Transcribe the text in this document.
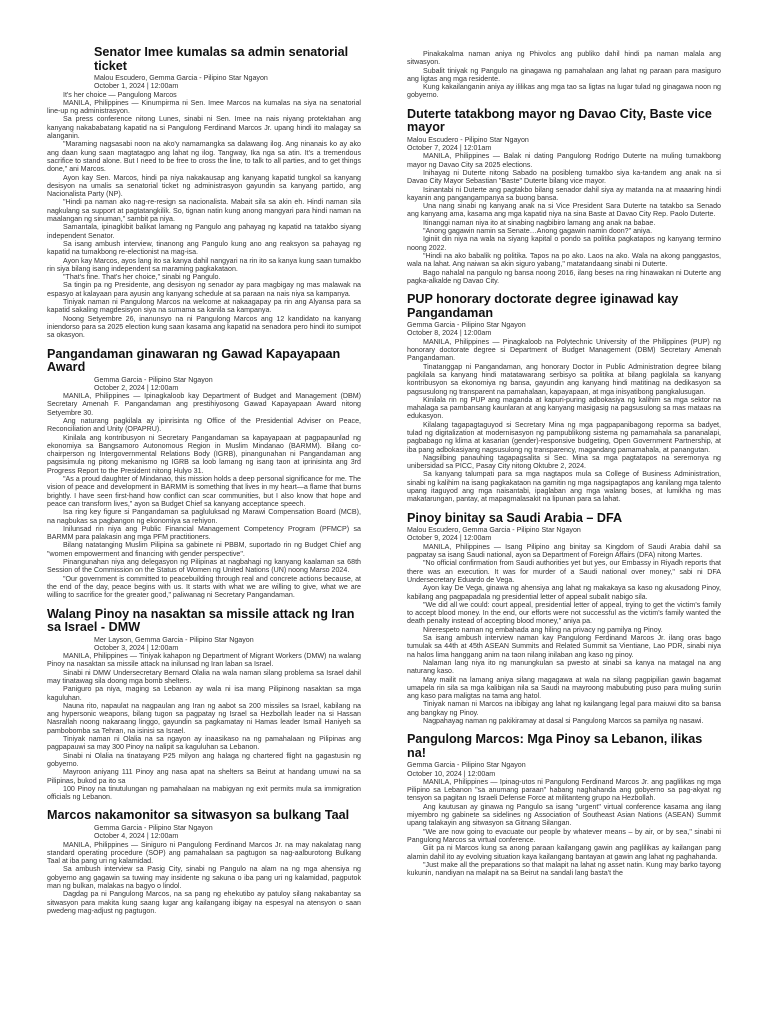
Senator Imee kumalas sa admin senatorial ticket
Malou Escudero, Gemma Garcia - Pilipino Star Ngayon
October 1, 2024 | 12:00am

It's her choice — Pangulong Marcos

MANILA, Philippines — Kinumpirma ni Sen. Imee Marcos na kumalas na siya na senatorial line-up ng administrasyon.

Sa press conference nitong Lunes, sinabi ni Sen. Imee na nais niyang protektahan ang kanyang nakababatang kapatid na si Pangulong Ferdinand Marcos Jr. upang hindi ito malagay sa alanganin.

"Maraming nagsasabi noon na ako'y namamangka sa dalawang ilog. Ang ninanais ko ay ako ang daan kung saan magtatagpo ang lahat ng ilog. Tangway, Ika nga sa atin. It's a tremendous sacrifice to stand alone. But I need to be free to cross the line, to talk to all parties, and to get things done," ani Marcos.

Ayon kay Sen. Marcos, hindi pa niya nakakausap ang kanyang kapatid tungkol sa kanyang desisyon na umalis sa senatorial ticket ng administrasyon gayundin sa kanyang partido, ang Nacionalista Party (NP).

"Hindi pa naman ako nag-re-resign sa nacionalista. Mabait sila sa akin eh. Hindi naman sila nagkulang sa support at pagtatangkilik. So, tignan natin kung anong mangyari para hindi naman na maalangan ng sinuman," sambit pa niya.

Samantala, ipinagkibit balikat lamang ng Pangulo ang pahayag ng kapatid na tatakbo siyang independent Senator.

Sa isang ambush interview, tinanong ang Pangulo kung ano ang reaksyon sa pahayag ng kapatid na tumakbong re-electionist na mag-isa.

Ayon kay Marcos, ayos lang ito sa kanya dahil nangyari na rin ito sa kanya kung saan tumakbo rin siya bilang isang independent sa maraming pagkakataon.

"That's fine. That's her choice," sinabi ng Pangulo.

Sa tingin pa ng Presidente, ang desisyon ng senador ay para magbigay ng mas malawak na espasyo at kalayaan para ayusin ang kanyang schedule at sa paraan na nais niya sa kampanya.

Tiniyak naman ni Pangulong Marcos na welcome at nakaagapay pa rin ang Alyansa para sa kapatid sakaling magdesisyon siya na sumama sa kanila sa kampanya.

Noong Setyembre 26, inanunsyo na ni Pangulong Marcos ang 12 kandidato na kanyang iniendorso para sa 2025 election kung saan kasama ang kapatid na senadora pero hindi ito sumipot sa okasyon.

Pangandaman ginawaran ng Gawad Kapayapaan Award
Gemma Garcia - Pilipino Star Ngayon
October 2, 2024 | 12:00am

MANILA, Philippines — Ipinagkaloob kay Department of Budget and Management (DBM) Secretary Amenah F. Pangandaman ang prestihiyosong Gawad Kapayapaan Award nitong Setyembre 30.

Ang naturang pagkilala ay ipinrisinta ng Office of the Presidential Adviser on Peace, Reconciliation and Unity (OPAPRU).

Kinilala ang kontribusyon ni Secretary Pangandaman sa kapayapaan at pagpapaunlad ng ekonomiya sa Bangsamoro Autonomous Region in Muslim Mindanao (BARMM). Bilang co-chairperson ng Intergovernmental Relations Body (IGRB), pinangunahan ni Pangandaman ang pagsisimula ng pitong mekanismo ng IGRB sa loob lamang ng isang taon at iprinisinta ang 3rd Progress Report to the President nitong Hulyo 31.

"As a proud daughter of Mindanao, this mission holds a deep personal significance for me. The vision of peace and development in BARMM is something that lives in my heart—a flame that burns brightly. I have seen first-hand how conflict can scar communities, but I also know that hope and peace can transform lives," ayon sa Budget Chief sa kanyang acceptance speech.

Isa ring key figure si Pangandaman sa pagluluksad ng Marawi Compensation Board (MCB), na nagbukas sa pagbangon ng ekonomiya sa rehiyon.

Inilunsad rin niya ang Public Financial Management Competency Program (PFMCP) sa BARMM para palakasin ang mga PFM practitioners.

Bilang natatanging Muslim Pilipina sa gabinete ni PBBM, suportado rin ng Budget Chief ang "women empowerment and financing with gender perspective".

Pinangunahan niya ang delegasyon ng Pilipinas at nagbahagi ng kanyang kaalaman sa 68th Session of the Commission on the Status of Women ng United Nations (UN) noong Marso 2024.

"Our government is committed to peacebuilding through real and concrete actions because, at the end of the day, peace begins with us. It starts with what we are willing to give, what we are willing to sacrifice for the greater good," paliwanag ni Secretary Pangandaman.

Walang Pinoy na nasaktan sa missile attack ng Iran sa Israel - DMW
Mer Layson, Gemma Garcia - Pilipino Star Ngayon
October 3, 2024 | 12:00am

MANILA, Philippines — Tiniyak kahapon ng Department of Migrant Workers (DMW) na walang Pinoy na nasaktan sa missile attack na inilunsad ng Iran laban sa Israel.

Sinabi ni DMW Undersecretary Bernard Olalia na wala naman silang problema sa Israel dahil may tinatawag sila doong mga bomb shelters.

Paniguro pa niya, maging sa Lebanon ay wala ni isa mang Pilipinong nasaktan sa mga kaguluhan.

Nauna rito, napaulat na nagpaulan ang Iran ng aabot sa 200 missiles sa Israel, kabilang na ang hypersonic weapons, bilang tugon sa pagpatay ng Israel sa Hezbollah leader na si Hassan Nasrallah noong nakaraang linggo, gayundin sa pagkamatay ni Hamas leader Ismail Haniyeh sa pambobomba sa Tehran, na isinisi sa Israel.

Tiniyak naman ni Olalia na sa ngayon ay inaasikaso na ng pamahalaan ng Pilipinas ang pagpapauwi sa may 300 Pinoy na nalipit sa kaguluhan sa Lebanon.

Sinabi ni Olalia na tinatayang P25 milyon ang halaga ng chartered flight na gagastusin ng gobyerno.

Mayroon aniyang 111 Pinoy ang nasa apat na shelters sa Beirut at handang umuwi na sa Pilipinas, bukod pa ito sa

100 Pinoy na tinutulungan ng pamahalaan na mabigyan ng exit permits mula sa immigration officials ng Lebanon.

Marcos nakamonitor sa sitwasyon sa bulkang Taal
Gemma Garcia - Pilipino Star Ngayon
October 4, 2024 | 12:00am

MANILA, Philippines — Siniguro ni Pangulong Ferdinand Marcos Jr. na may nakalatag nang standard operating procedure (SOP) ang pamahalaan sa pagtugon sa nag-aalburotong Bulkang Taal at iba pang uri ng kalamidad.

Sa ambush interview sa Pasig City, sinabi ng Pangulo na alam na ng mga ahensiya ng gobyerno ang gagawin sa tuwing may insidente ng sakuna o iba pang uri ng kalamidad, pagputok man ng bulkan, malakas na bagyo o lindol.

Dagdag pa ni Pangulong Marcos, na sa pang ng ehekutibo ay patuloy silang nakabantay sa sitwasyon para makita kung saang lugar ang kailangang ibigay na espesyal na atensyon o saan pwedeng mag-adjust ng pagtugon.

Pinakakalma naman aniya ng Phivolcs ang publiko dahil hindi pa naman malala ang sitwasyon.

Subalit tiniyak ng Pangulo na ginagawa ng pamahalaan ang lahat ng paraan para masiguro ang ligtas ang mga residente.

Kung kakailanganin aniya ay ililikas ang mga tao sa ligtas na lugar tulad ng ginagawa noon ng gobyerno.

Duterte tatakbong mayor ng Davao City, Baste vice mayor
Malou Escudero - Pilipino Star Ngayon
October 7, 2024 | 12:01am

MANILA, Philippines — Balak ni dating Pangulong Rodrigo Duterte na muling tumakbong mayor ng Davao City sa 2025 elections.

Inihayag ni Duterte nitong Sabado na posibleng tumakbo siya ka-tandem ang anak na si Davao City Mayor Sebastian "Baste" Duterte bilang vice mayor.

Isinantabi ni Duterte ang pagtakbo bilang senador dahil siya ay matanda na at maaaring hindi kayanin ang pangangampanya sa buong bansa.

Una nang sinabi ng kanyang anak na si Vice President Sara Duterte na tatakbo sa Senado ang kanyang ama, kasama ang mga kapatid niya na sina Baste at Davao City Rep. Paolo Duterte.

Itinanggi naman niya ito at sinabing nagbibiro lamang ang anak na babae.

"Anong gagawin namin sa Senate…Anong gagawin namin doon?" aniya.

Iginiit din niya na wala na siyang kapital o pondo sa politika pagkatapos ng kanyang termino noong 2022.

"Hindi na ako babalik ng politika. Tapos na po ako. Laos na ako. Wala na akong panggastos, wala na lahat. Ang naiwan sa akin siguro yabang," matatandaang sinabi ni Duterte.

Bago nahalal na pangulo ng bansa noong 2016, ilang beses na ring hinawakan ni Duterte ang pagka-alkalde ng Davao City.

PUP honorary doctorate degree iginawad kay Pangandaman
Gemma Garcia - Pilipino Star Ngayon
October 8, 2024 | 12:00am

MANILA, Philippines — Pinagkaloob na Polytechnic University of the Philippines (PUP) ng honorary doctorate degree si Department of Budget Management (DBM) Secretary Amenah Pangandaman.

Tinatanggap ni Pangandaman, ang honorary Doctor in Public Administration degree bilang pagkilala sa kanyang hindi matatawarang serbisyo sa politika at bilang pagkilala sa kanyang kontribusyon sa ekonomiya ng bansa, gayundin ang kanyang hindi matitinag na dedikasyon sa pagsusulong ng transparent na pamahalaan, kapayapaan, at mga inisyatibong pangkalusugan.

Kinilala rin ng PUP ang maganda at kapuri-puring adbokasiya ng kalihim sa mga sektor na mahalaga sa pambansang kaunlaran at ang kanyang masigasig na pagsusulong sa mas mataas na edukasyon.

Kilalang tagapagtaguyod si Secretary Mina ng mga pagpapanibagong reporma sa badyet, tulad ng digitalization at modernisasyon ng pampublikong sistema ng pamamahala sa pananalapi, pagbabago ng klima at kasarian (gender)-responsive budgeting, Open Government Partnership, at iba pang adbokasiyang nagsusulong ng transparency, magandang pamamahala, at panangutan.

Nagsilbing panauhing tagapagsalita si Sec. Mina sa mga pagtatapos na seremonya ng unibersidad sa PICC, Pasay City nitong Oktubre 2, 2024.

Sa kanyang talumpati para sa mga nagtapos mula sa College of Business Administration, sinabi ng kalihim na isang pagkakataon na gamitin ng mga nagsipagtapos ang kanilang mga talento upang itaguyod ang mga naisantabi, ipaglaban ang mga walang boses, at lumikha ng mas makatarungan, pantay, at mapagmalasakit na lipunan para sa lahat.

Pinoy binitay sa Saudi Arabia – DFA
Malou Escudero, Gemma Garcia - Pilipino Star Ngayon
October 9, 2024 | 12:00am

MANILA, Philippines — Isang Pilipino ang binitay sa Kingdom of Saudi Arabia dahil sa pagpatay sa isang Saudi national, ayon sa Department of Foreign Affairs (DFA) nitong Martes.

"No official confirmation from Saudi authorities yet but yes, our Embassy in Riyadh reports that there was an execution. It was for murder of a Saudi national over money," sabi ni DFA Undersecretary Eduardo de Vega.

Ayon kay De Vega, ginawa ng ahensiya ang lahat ng makakaya sa kaso ng akusadong Pinoy, kabilang ang pagpapadala ng presidential letter of appeal subalit nabigo sila.

"We did all we could: court appeal, presidential letter of appeal, trying to get the victim's family to accept blood money. In the end, our efforts were not successful as the victim's family wanted the death penalty instead of accepting blood money," aniya pa.

Nirerespeto naman ng embahada ang hiling na privacy ng pamilya ng Pinoy.

Sa isang ambush interview naman kay Pangulong Ferdinand Marcos Jr. ilang oras bago tumulak sa 44th at 45th ASEAN Summits and Related Summit sa Vientiane, Lao PDR, sinabi niya na halos lima hanggang anim na taon nilang inilaban ang kaso ng pinoy.

Nalaman lang niya ito ng manungkulan sa pwesto at sinabi sa kanya na matagal na ang naturang kaso.

May mailit na lamang aniya silang magagawa at wala na silang pagpipilian gawin bagamat umapela rin sila sa mga kalibigan nila sa Saudi na mayroong mabubuting puso para muling suriin ang kaso para maligtas na tama ang hatol.

Tiniyak naman ni Marcos na ibibigay ang lahat ng kailangang legal para maiuwi dito sa bansa ang bangkay ng Pinoy.

Nagpahayag naman ng pakikiramay at dasal si Pangulong Marcos sa pamilya ng nasawi.

Pangulong Marcos: Mga Pinoy sa Lebanon, ilikas na!
Gemma Garcia - Pilipino Star Ngayon
October 10, 2024 | 12:00am

MANILA, Philippines — Ipinag-utos ni Pangulong Ferdinand Marcos Jr. ang paglilikas ng mga Pilipino sa Lebanon "sa anumang paraan" habang naghahanda ang gobyerno sa pag-akyat ng tensyon sa pagitan ng Israeli Defense Force at militanteng grupo na Hezbollah.

Ang kautusan ay ginawa ng Pangulo sa isang "urgent" virtual conference kasama ang ilang miyembro ng gabinete sa sidelines ng Association of Southeast Asian Nations (ASEAN) Summit upang talakayin ang sitwasyon sa Gitnang Silangan.

"We are now going to evacuate our people by whatever means – by air, or by sea," sinabi ni Pangulong Marcos sa virtual conference.

Giit pa ni Marcos kung sa anong paraan kailangang gawin ang paglilikas ay kailangan pang alamin dahil ito ay evolving situation kaya kailangang bantayan at gawin ang lahat ng paghahanda.

"Just make all the preparations so that malapit na lahat ng asset natin. Kung may barko tayong kukunin, nandiyan na malapit na sa Beirut na sandali lang basta't the
